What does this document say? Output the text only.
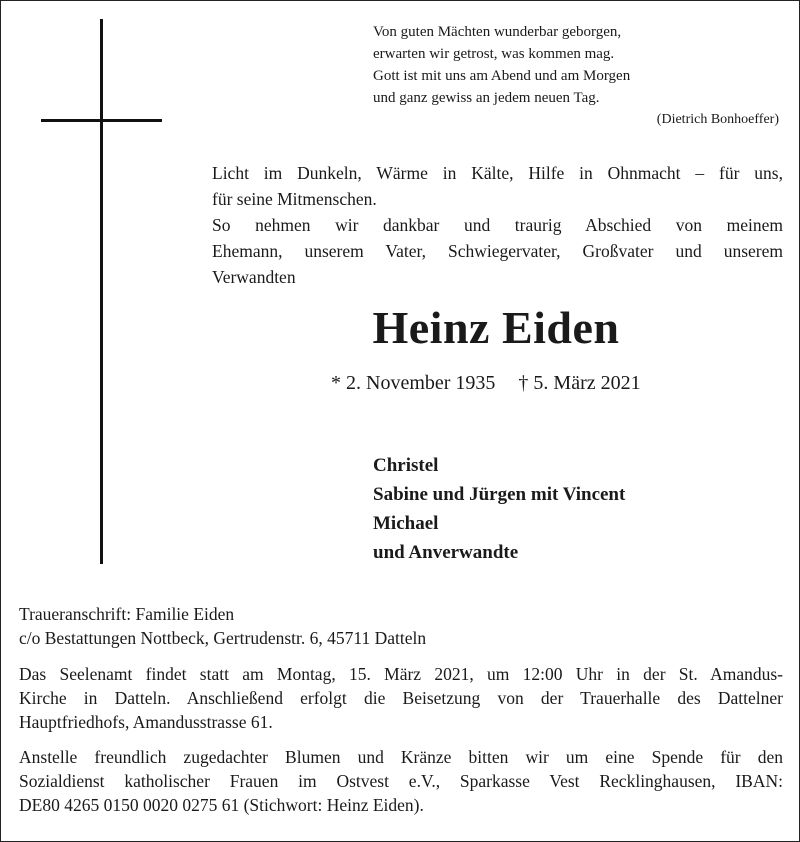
Von guten Mächten wunderbar geborgen,
erwarten wir getrost, was kommen mag.
Gott ist mit uns am Abend und am Morgen
und ganz gewiss an jedem neuen Tag.
(Dietrich Bonhoeffer)
Licht im Dunkeln, Wärme in Kälte, Hilfe in Ohnmacht – für uns,
für seine Mitmenschen.
So nehmen wir dankbar und traurig Abschied von meinem
Ehemann, unserem Vater, Schwiegervater, Großvater und unserem
Verwandten
Heinz Eiden
* 2. November 1935 † 5. März 2021
Christel
Sabine und Jürgen mit Vincent
Michael
und Anverwandte
Traueranschrift: Familie Eiden
c/o Bestattungen Nottbeck, Gertrudenstr. 6, 45711 Datteln
Das Seelenamt findet statt am Montag, 15. März 2021, um 12:00 Uhr in der St. Amandus-
Kirche in Datteln. Anschließend erfolgt die Beisetzung von der Trauerhalle des Dattelner
Hauptfriedhofs, Amandusstrasse 61.
Anstelle freundlich zugedachter Blumen und Kränze bitten wir um eine Spende für den
Sozialdienst katholischer Frauen im Ostvest e.V., Sparkasse Vest Recklinghausen, IBAN:
DE80 4265 0150 0020 0275 61 (Stichwort: Heinz Eiden).
